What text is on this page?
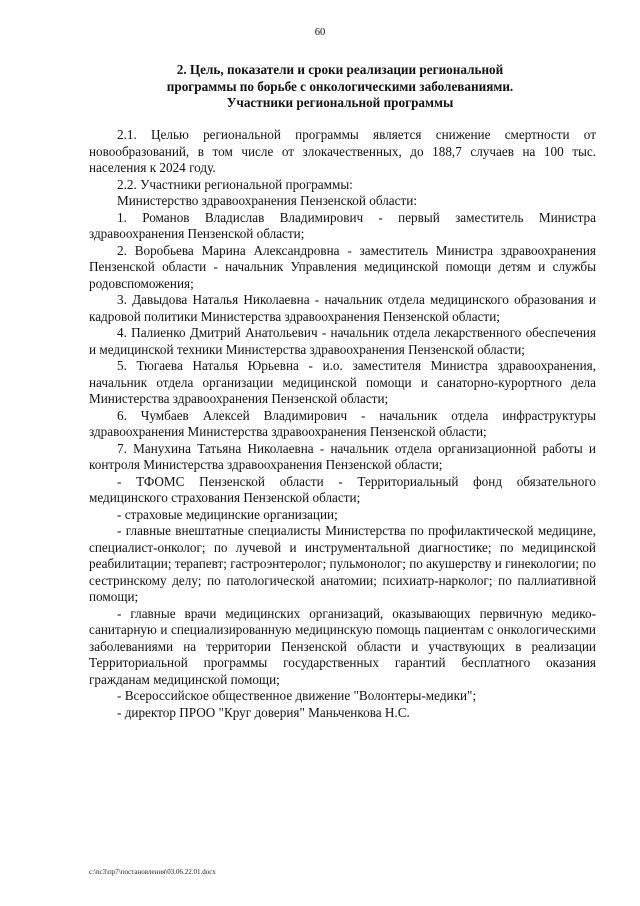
60
2. Цель, показатели и сроки реализации региональной
программы по борьбе с онкологическими заболеваниями.
Участники региональной программы

2.1. Целью региональной программы является снижение смертности от новообразований, в том числе от злокачественных, до 188,7 случаев на 100 тыс. населения к 2024 году.

2.2. Участники региональной программы:

Министерство здравоохранения Пензенской области:

1. Романов Владислав Владимирович - первый заместитель Министра здравоохранения Пензенской области;

2. Воробьева Марина Александровна - заместитель Министра здравоохранения Пензенской области - начальник Управления медицинской помощи детям и службы родовспоможения;

3. Давыдова Наталья Николаевна - начальник отдела медицинского образования и кадровой политики Министерства здравоохранения Пензенской области;

4. Палиенко Дмитрий Анатольевич - начальник отдела лекарственного обеспечения и медицинской техники Министерства здравоохранения Пензенской области;

5. Тюгаева Наталья Юрьевна - и.о. заместителя Министра здравоохранения, начальник отдела организации медицинской помощи и санаторно-курортного дела Министерства здравоохранения Пензенской области;

6. Чумбаев Алексей Владимирович - начальник отдела инфраструктуры здравоохранения Министерства здравоохранения Пензенской области;

7. Манухина Татьяна Николаевна - начальник отдела организационной работы и контроля Министерства здравоохранения Пензенской области;

- ТФОМС Пензенской области - Территориальный фонд обязательного медицинского страхования Пензенской области;

- страховые медицинские организации;

- главные внештатные специалисты Министерства по профилактической медицине, специалист-онколог; по лучевой и инструментальной диагностике; по медицинской реабилитации; терапевт; гастроэнтеролог; пульмонолог; по акушерству и гинекологии; по сестринскому делу; по патологической анатомии; психиатр-нарколог; по паллиативной помощи;

- главные врачи медицинских организаций, оказывающих первичную медико-санитарную и специализированную медицинскую помощь пациентам с онкологическими заболеваниями на территории Пензенской области и участвующих в реализации Территориальной программы государственных гарантий бесплатного оказания гражданам медицинской помощи;

- Всероссийское общественное движение "Волонтеры-медики";

- директор ПРОО "Круг доверия" Маньченкова Н.С.

c:\nc3\пр7\постановления\03.06.22.01.docx
